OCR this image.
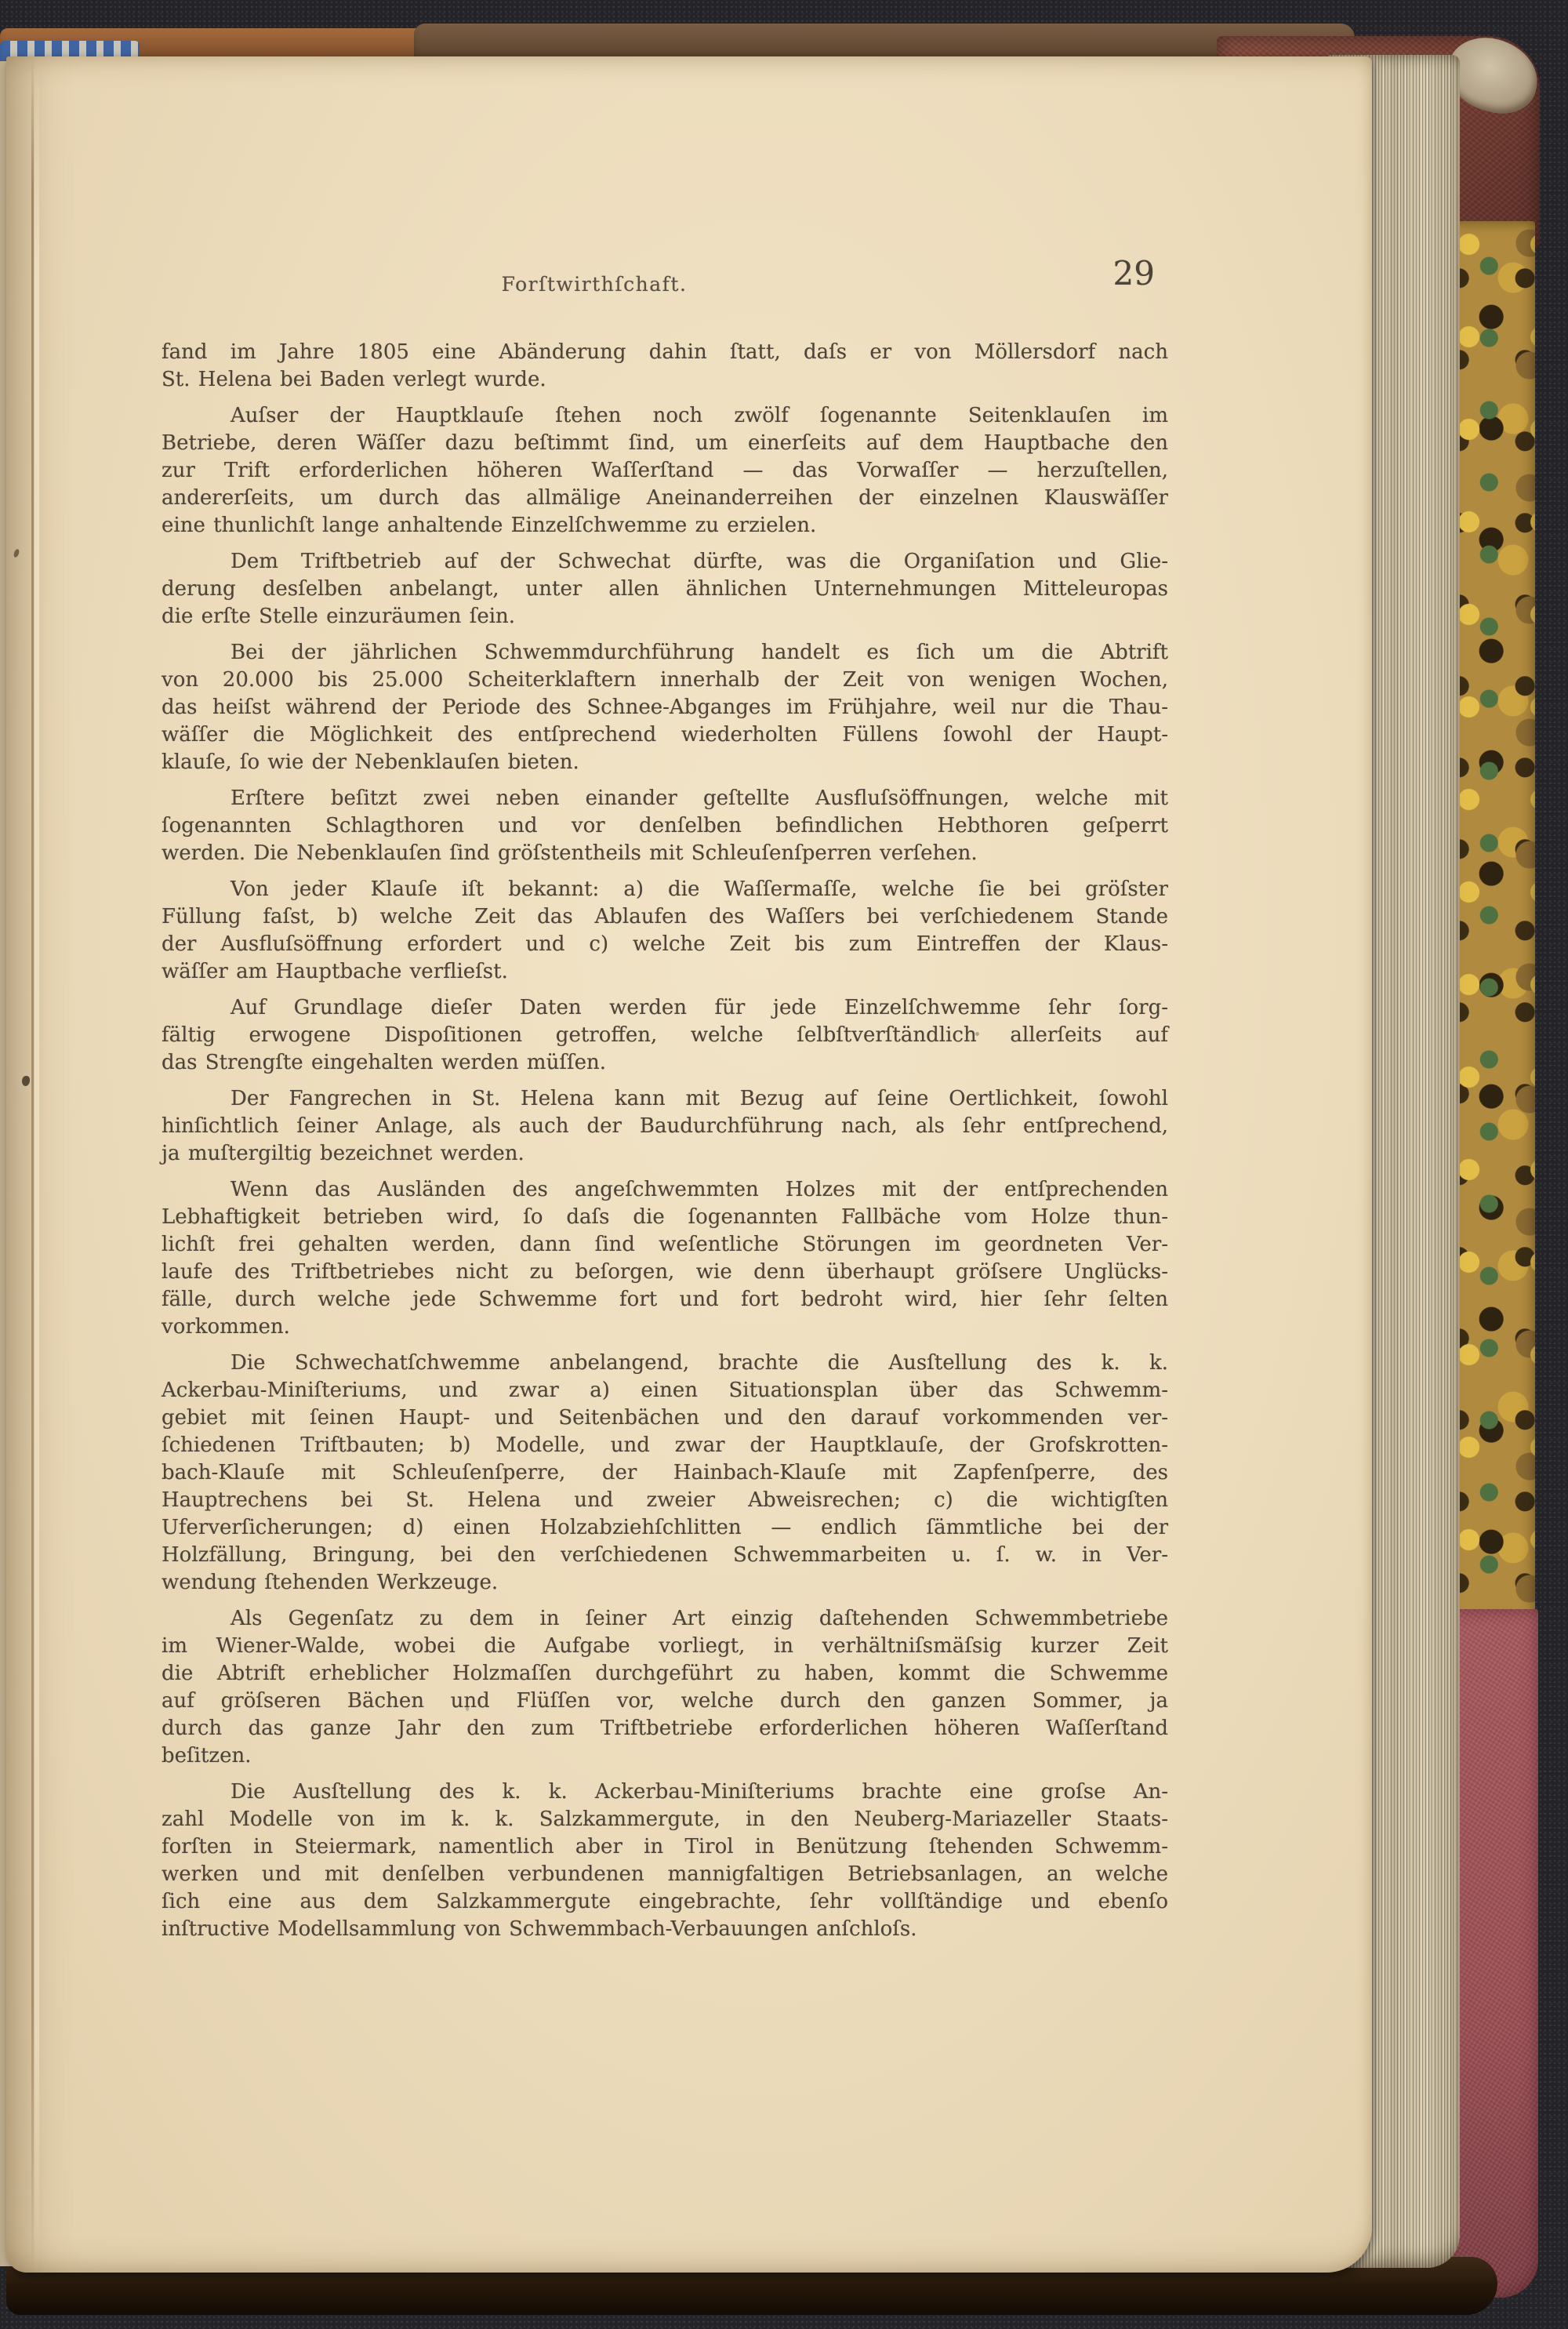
Forſtwirthſchaft.	29
fand im Jahre 1805 eine Abänderung dahin ſtatt, daſs er von Möllersdorf nach
St. Helena bei Baden verlegt wurde.
Auſser der Hauptklauſe ſtehen noch zwölf ſogenannte Seitenklauſen im
Betriebe, deren Wäſſer dazu beſtimmt ſind, um einerſeits auf dem Hauptbache den
zur Trift erforderlichen höheren Waſſerſtand — das Vorwaſſer — herzuſtellen,
andererſeits, um durch das allmälige Aneinanderreihen der einzelnen Klauswäſſer
eine thunlichſt lange anhaltende Einzelſchwemme zu erzielen.
Dem Triftbetrieb auf der Schwechat dürfte, was die Organiſation und Glie-
derung desſelben anbelangt, unter allen ähnlichen Unternehmungen Mitteleuropas
die erſte Stelle einzuräumen ſein.
Bei der jährlichen Schwemmdurchführung handelt es ſich um die Abtrift
von 20.000 bis 25.000 Scheiterklaftern innerhalb der Zeit von wenigen Wochen,
das heiſst während der Periode des Schnee-Abganges im Frühjahre, weil nur die Thau-
wäſſer die Möglichkeit des entſprechend wiederholten Füllens ſowohl der Haupt-
klauſe, ſo wie der Nebenklauſen bieten.
Erſtere beſitzt zwei neben einander geſtellte Ausfluſsöffnungen, welche mit
ſogenannten Schlagthoren und vor denſelben befindlichen Hebthoren geſperrt
werden. Die Nebenklauſen ſind gröſstentheils mit Schleuſenſperren verſehen.
Von jeder Klauſe iſt bekannt: a) die Waſſermaſſe, welche ſie bei gröſster
Füllung faſst, b) welche Zeit das Ablaufen des Waſſers bei verſchiedenem Stande
der Ausfluſsöffnung erfordert und c) welche Zeit bis zum Eintreffen der Klaus-
wäſſer am Hauptbache verflieſst.
Auf Grundlage dieſer Daten werden für jede Einzelſchwemme ſehr ſorg-
fältig erwogene Dispoſitionen getroffen, welche ſelbſtverſtändlich allerſeits auf
das Strengſte eingehalten werden müſſen.
Der Fangrechen in St. Helena kann mit Bezug auf ſeine Oertlichkeit, ſowohl
hinſichtlich ſeiner Anlage, als auch der Baudurchführung nach, als ſehr entſprechend,
ja muſtergiltig bezeichnet werden.
Wenn das Ausländen des angeſchwemmten Holzes mit der entſprechenden
Lebhaftigkeit betrieben wird, ſo daſs die ſogenannten Fallbäche vom Holze thun-
lichſt frei gehalten werden, dann ſind weſentliche Störungen im geordneten Ver-
laufe des Triftbetriebes nicht zu beſorgen, wie denn überhaupt gröſsere Unglücks-
fälle, durch welche jede Schwemme fort und fort bedroht wird, hier ſehr ſelten
vorkommen.
Die Schwechatſchwemme anbelangend, brachte die Ausſtellung des k. k.
Ackerbau-Miniſteriums, und zwar a) einen Situationsplan über das Schwemm-
gebiet mit ſeinen Haupt- und Seitenbächen und den darauf vorkommenden ver-
ſchiedenen Triftbauten; b) Modelle, und zwar der Hauptklauſe, der Grofskrotten-
bach-Klauſe mit Schleuſenſperre, der Hainbach-Klauſe mit Zapfenſperre, des
Hauptrechens bei St. Helena und zweier Abweisrechen; c) die wichtigſten
Uferverſicherungen; d) einen Holzabziehſchlitten — endlich ſämmtliche bei der
Holzfällung, Bringung, bei den verſchiedenen Schwemmarbeiten u. ſ. w. in Ver-
wendung ſtehenden Werkzeuge.
Als Gegenſatz zu dem in ſeiner Art einzig daſtehenden Schwemmbetriebe
im Wiener-Walde, wobei die Aufgabe vorliegt, in verhältniſsmäſsig kurzer Zeit
die Abtrift erheblicher Holzmaſſen durchgeführt zu haben, kommt die Schwemme
auf gröſseren Bächen und Flüſſen vor, welche durch den ganzen Sommer, ja
durch das ganze Jahr den zum Triftbetriebe erforderlichen höheren Waſſerſtand
beſitzen.
Die Ausſtellung des k. k. Ackerbau-Miniſteriums brachte eine groſse An-
zahl Modelle von im k. k. Salzkammergute, in den Neuberg-Mariazeller Staats-
forſten in Steiermark, namentlich aber in Tirol in Benützung ſtehenden Schwemm-
werken und mit denſelben verbundenen mannigfaltigen Betriebsanlagen, an welche
ſich eine aus dem Salzkammergute eingebrachte, ſehr vollſtändige und ebenſo
inſtructive Modellsammlung von Schwemmbach-Verbauungen anſchloſs.
